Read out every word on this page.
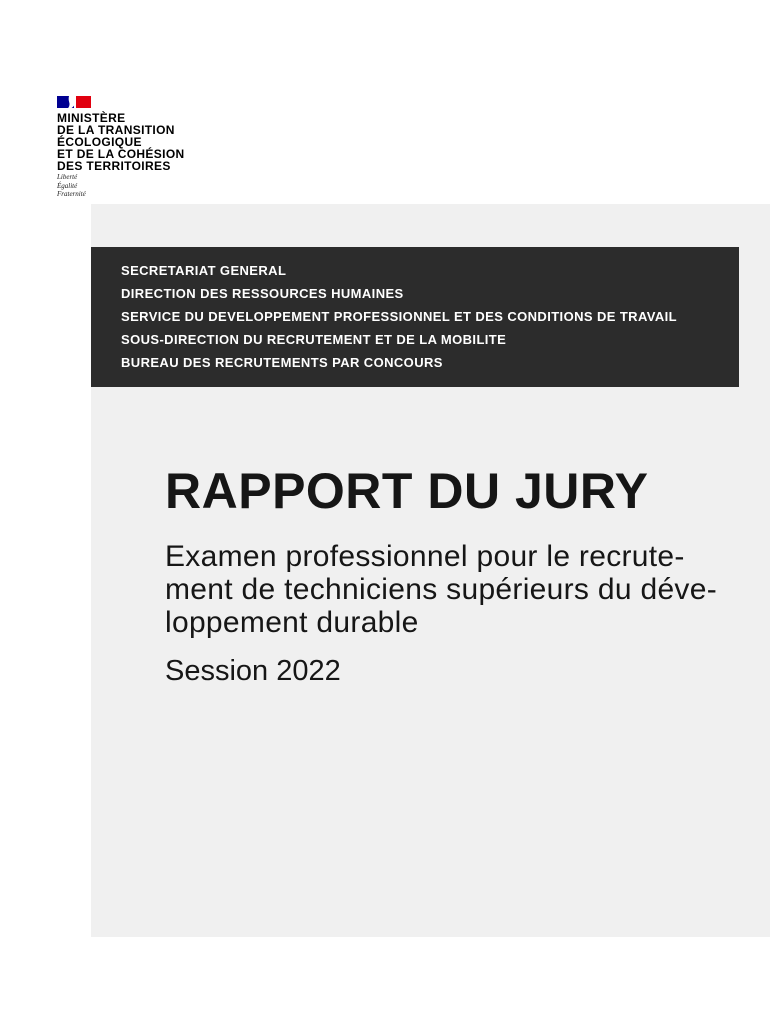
MINISTÈRE
DE LA TRANSITION
ÉCOLOGIQUE
ET DE LA COHÉSION
DES TERRITOIRES
Liberté
Égalité
Fraternité
SECRETARIAT GENERAL
DIRECTION DES RESSOURCES HUMAINES
SERVICE DU DEVELOPPEMENT PROFESSIONNEL ET DES CONDITIONS DE TRAVAIL
SOUS-DIRECTION DU RECRUTEMENT ET DE LA MOBILITE
BUREAU DES RECRUTEMENTS PAR CONCOURS
RAPPORT DU JURY
Examen professionnel pour le recrute-
ment de techniciens supérieurs du déve-
loppement durable
Session 2022
